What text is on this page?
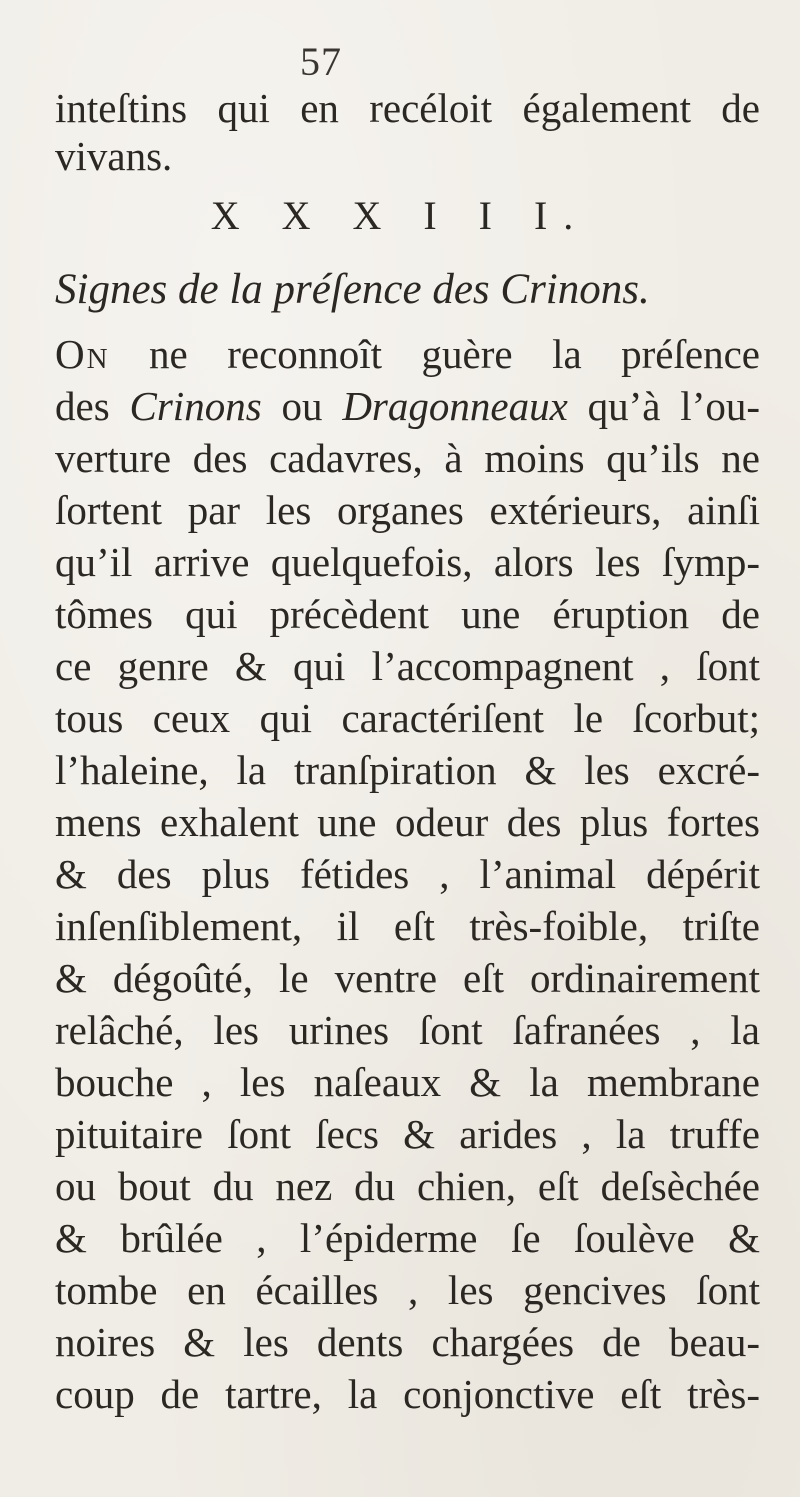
57
inteſtins qui en recéloit également de
vivans.
X X X I I I.
Signes de la préſence des Crinons.
On ne reconnoît guère la préſence
des Crinons ou Dragonneaux qu’à l’ou-
verture des cadavres, à moins qu’ils ne
ſortent par les organes extérieurs, ainſi
qu’il arrive quelquefois, alors les ſymp-
tômes qui précèdent une éruption de
ce genre & qui l’accompagnent , ſont
tous ceux qui caractériſent le ſcorbut;
l’haleine, la tranſpiration & les excré-
mens exhalent une odeur des plus fortes
& des plus fétides , l’animal dépérit
inſenſiblement, il eſt très-foible, triſte
& dégoûté, le ventre eſt ordinairement
relâché, les urines ſont ſafranées , la
bouche , les naſeaux & la membrane
pituitaire ſont ſecs & arides , la truffe
ou bout du nez du chien, eſt deſsèchée
& brûlée , l’épiderme ſe ſoulève &
tombe en écailles , les gencives ſont
noires & les dents chargées de beau-
coup de tartre, la conjonctive eſt très-
